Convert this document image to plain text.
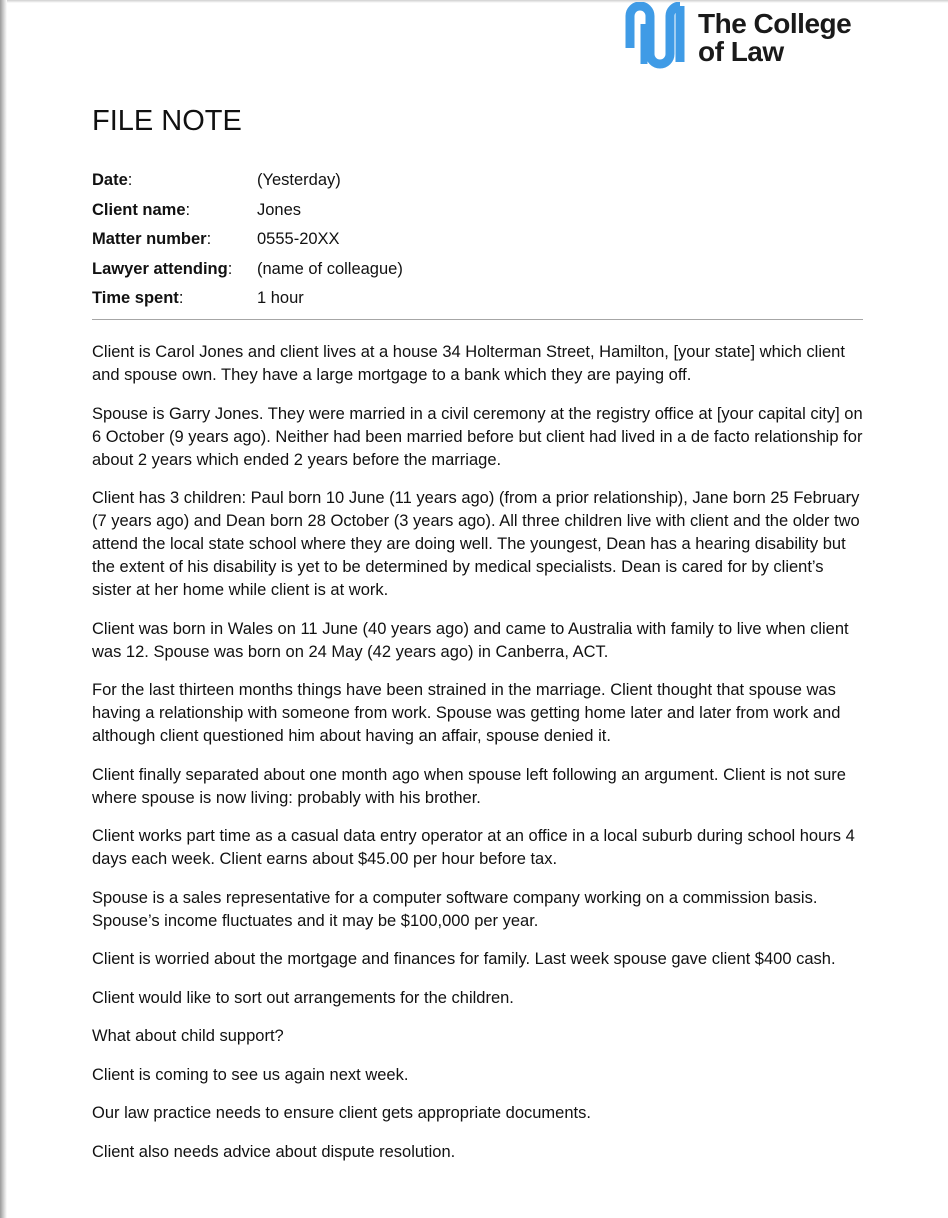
The College
of Law
FILE NOTE
Date:	(Yesterday)
Client name:	Jones
Matter number:	0555-20XX
Lawyer attending: (name of colleague)
Time spent:	1 hour

Client is Carol Jones and client lives at a house 34 Holterman Street, Hamilton, [your state] which client and spouse own. They have a large mortgage to a bank which they are paying off.

Spouse is Garry Jones. They were married in a civil ceremony at the registry office at [your capital city] on 6 October (9 years ago). Neither had been married before but client had lived in a de facto relationship for about 2 years which ended 2 years before the marriage.

Client has 3 children: Paul born 10 June (11 years ago) (from a prior relationship), Jane born 25 February (7 years ago) and Dean born 28 October (3 years ago). All three children live with client and the older two attend the local state school where they are doing well. The youngest, Dean has a hearing disability but the extent of his disability is yet to be determined by medical specialists. Dean is cared for by client’s sister at her home while client is at work.

Client was born in Wales on 11 June (40 years ago) and came to Australia with family to live when client was 12. Spouse was born on 24 May (42 years ago) in Canberra, ACT.

For the last thirteen months things have been strained in the marriage. Client thought that spouse was having a relationship with someone from work. Spouse was getting home later and later from work and although client questioned him about having an affair, spouse denied it.

Client finally separated about one month ago when spouse left following an argument. Client is not sure where spouse is now living: probably with his brother.

Client works part time as a casual data entry operator at an office in a local suburb during school hours 4 days each week. Client earns about $45.00 per hour before tax.

Spouse is a sales representative for a computer software company working on a commission basis. Spouse’s income fluctuates and it may be $100,000 per year.

Client is worried about the mortgage and finances for family. Last week spouse gave client $400 cash.

Client would like to sort out arrangements for the children.

What about child support?

Client is coming to see us again next week.

Our law practice needs to ensure client gets appropriate documents.

Client also needs advice about dispute resolution.
